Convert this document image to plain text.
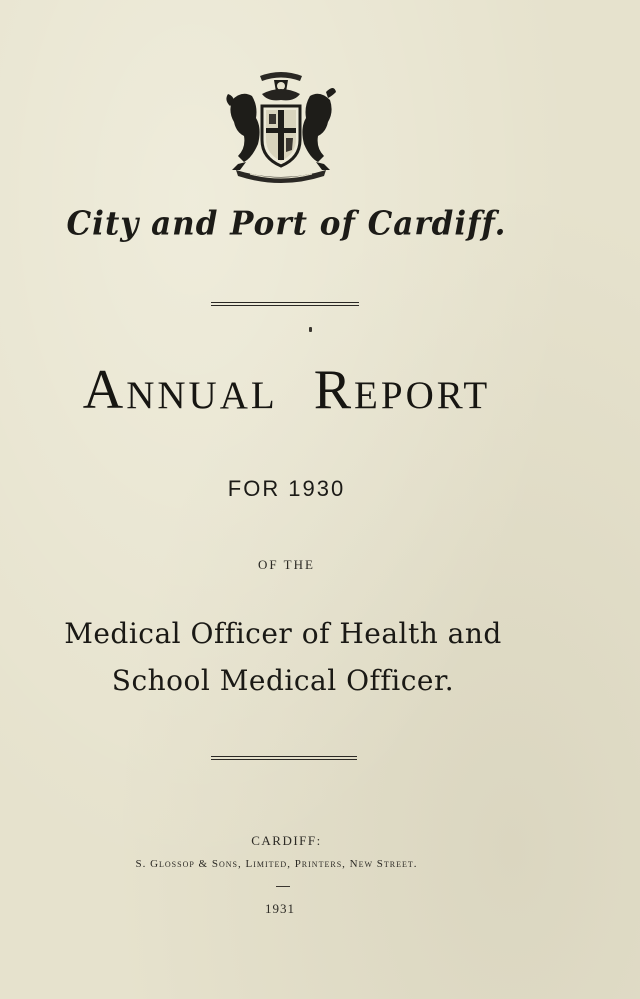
City and Port of Cardiff.
Annual Report
FOR 1930
OF THE
Medical Officer of Health and
School Medical Officer.
CARDIFF:
S. Glossop & Sons, Limited, Printers, New Street.
1931
